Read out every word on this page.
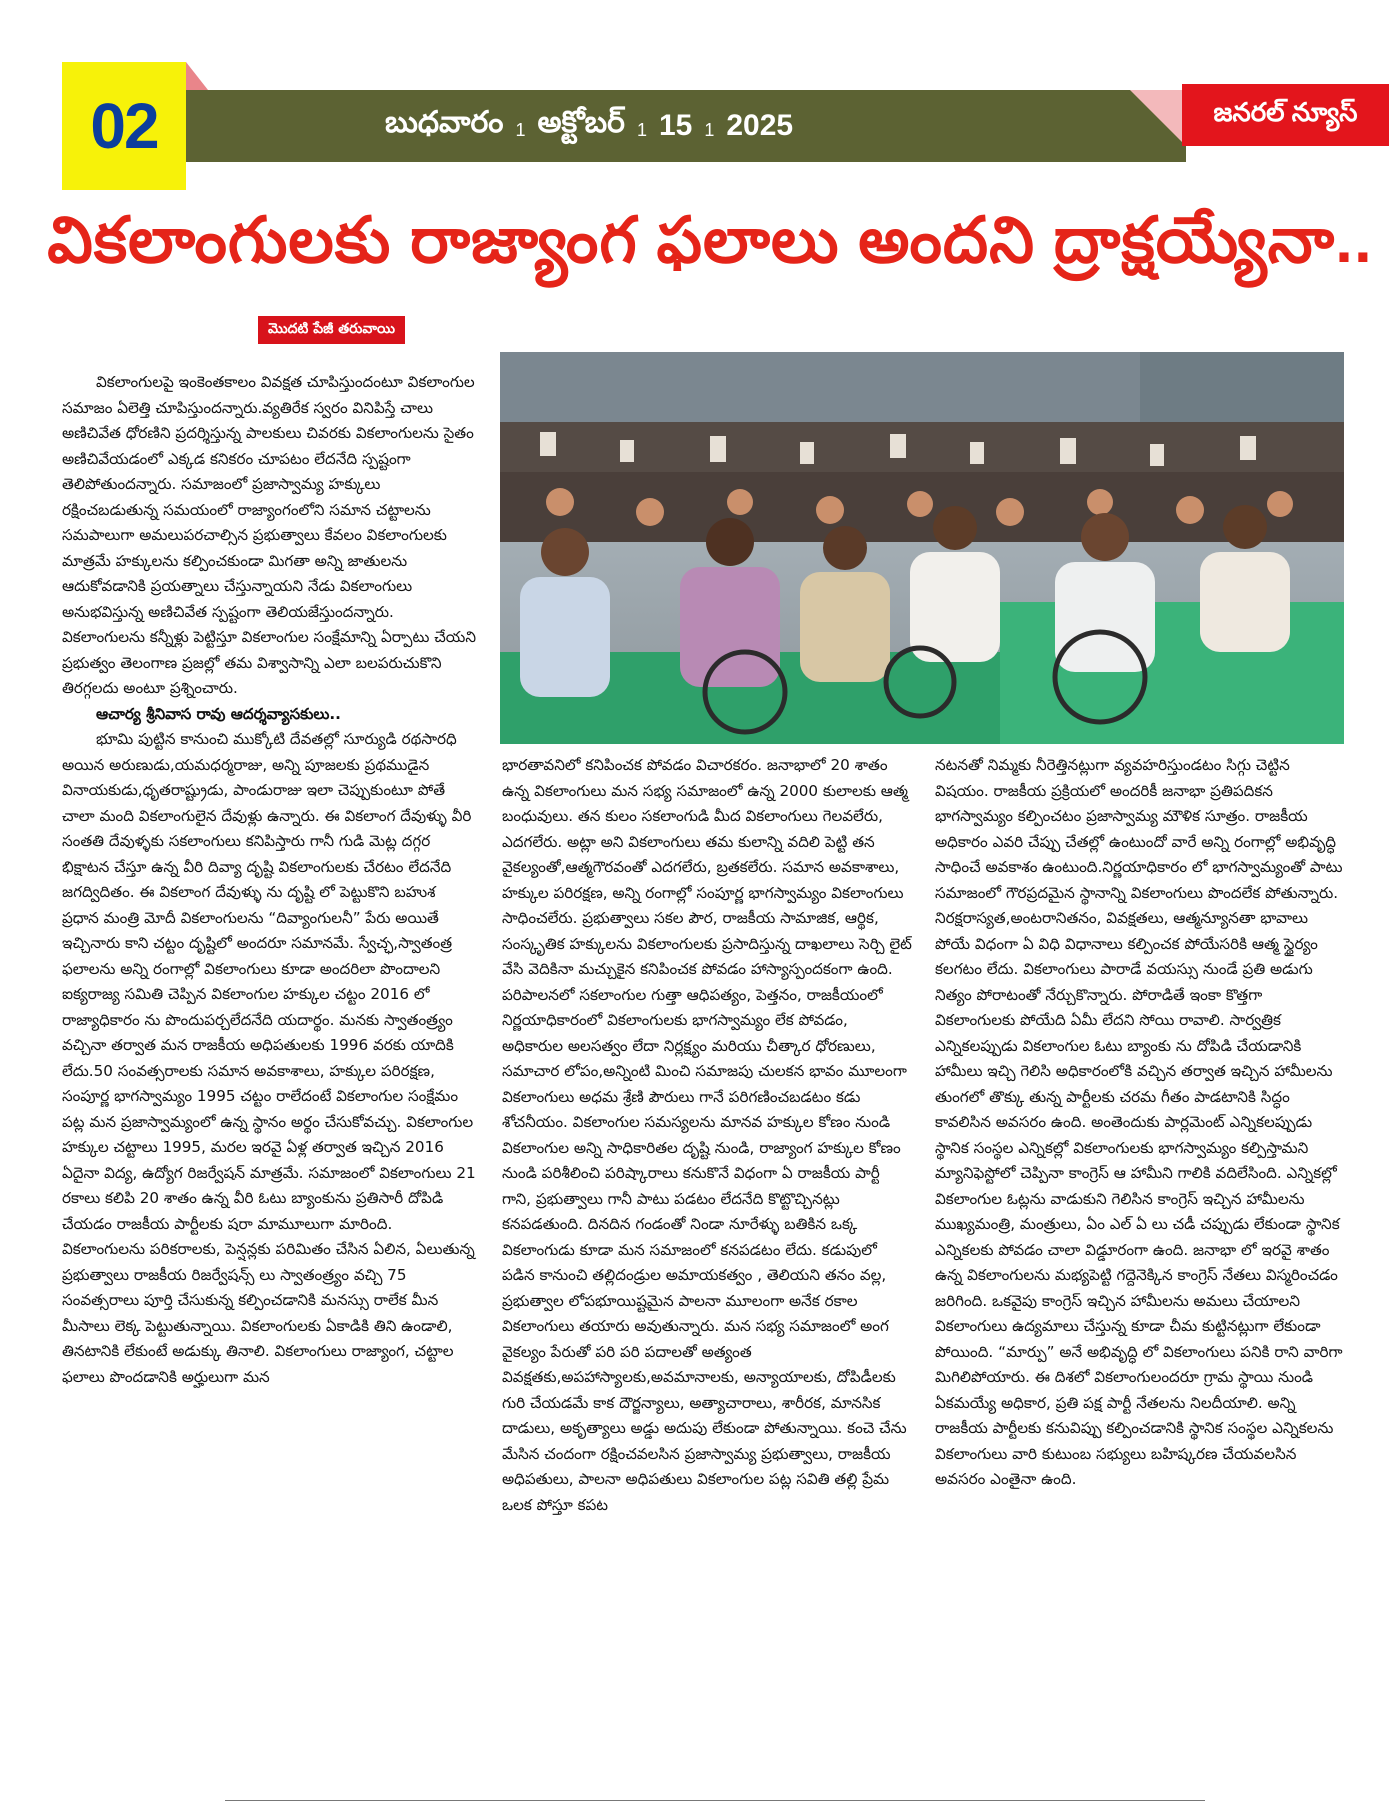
02	బుధవారం 1 అక్టోబర్ 1 15 1 2025	జనరల్ న్యూస్
వికలాంగులకు రాజ్యాంగ ఫలాలు అందని ద్రాక్షయ్యేనా..
మొదటి పేజీ తరువాయి

వికలాంగులపై ఇంకెంతకాలం వివక్షత చూపిస్తుందంటూ వికలాంగుల సమాజం ఏలెత్తి చూపిస్తుందన్నారు.వ్యతిరేక స్వరం వినిపిస్తే చాలు అణిచివేత ధోరణిని ప్రదర్శిస్తున్న పాలకులు చివరకు వికలాంగులను సైతం అణిచివేయడంలో ఎక్కడ కనికరం చూపటం లేదనేది స్పష్టంగా తెలిపోతుందన్నారు. సమాజంలో ప్రజాస్వామ్య హక్కులు రక్షించబడుతున్న సమయంలో రాజ్యాంగంలోని సమాన చట్టాలను సమపాలుగా అమలుపరచాల్సిన ప్రభుత్వాలు కేవలం వికలాంగులకు మాత్రమే హక్కులను కల్పించకుండా మిగతా అన్ని జాతులను ఆదుకోవడానికి ప్రయత్నాలు చేస్తున్నాయని నేడు వికలాంగులు అనుభవిస్తున్న అణిచివేత స్పష్టంగా తెలియజేస్తుందన్నారు. వికలాంగులను కన్నీళ్లు పెట్టిస్తూ వికలాంగుల సంక్షేమాన్ని ఏర్పాటు చేయని ప్రభుత్వం తెలంగాణ ప్రజల్లో తమ విశ్వాసాన్ని ఎలా బలపరుచుకొని తిరగ్గలదు అంటూ ప్రశ్నించారు.

ఆచార్య శ్రీనివాస రావు ఆదర్శవ్యాసకులు..

భూమి పుట్టిన కానుంచి ముక్కోటి దేవతల్లో సూర్యుడి రథసారధి అయిన అరుణుడు,యమధర్మరాజు, అన్ని పూజలకు ప్రథముడైన వినాయకుడు,ధృతరాష్ట్రుడు, పాండురాజు ఇలా చెప్పుకుంటూ పోతే చాలా మంది వికలాంగులైన దేవుళ్లు ఉన్నారు. ఈ వికలాంగ దేవుళ్ళు వీరి సంతతి దేవుళ్ళకు సకలాంగులు కనిపిస్తారు గానీ గుడి మెట్ల దగ్గర భిక్షాటన చేస్తూ ఉన్న వీరి దివ్యా దృష్టి వికలాంగులకు చేరటం లేదనేది జగద్విదితం. ఈ వికలాంగ దేవుళ్ళు ను దృష్టి లో పెట్టుకొని బహుశ ప్రధాన మంత్రి మోదీ వికలాంగులను “దివ్యాంగులనీ” పేరు అయితే ఇచ్చినారు కాని చట్టం దృష్టిలో అందరూ సమానమే. స్వేచ్ఛ,స్వాతంత్ర ఫలాలను అన్ని రంగాల్లో వికలాంగులు కూడా అందరిలా పొందాలని ఐక్యరాజ్య సమితి చెప్పిన వికలాంగుల హక్కుల చట్టం 2016 లో రాజ్యాధికారం ను పొందుపర్చలేదనేది యదార్థం. మనకు స్వాతంత్ర్యం వచ్చినా తర్వాత మన రాజకీయ అధిపతులకు 1996 వరకు యాదికి లేదు.50 సంవత్సరాలకు సమాన అవకాశాలు, హక్కుల పరిరక్షణ, సంపూర్ణ భాగస్వామ్యం 1995 చట్టం రాలేదంటే వికలాంగుల సంక్షేమం పట్ల మన ప్రజాస్వామ్యంలో ఉన్న స్థానం అర్థం చేసుకోవచ్చు. వికలాంగుల హక్కుల చట్టాలు 1995, మరల ఇరవై ఏళ్ల తర్వాత ఇచ్చిన 2016 ఏదైనా విద్య, ఉద్యోగ రిజర్వేషన్ మాత్రమే. సమాజంలో వికలాంగులు 21 రకాలు కలిపి 20 శాతం ఉన్న వీరి ఓటు బ్యాంకును ప్రతిసారీ దోపిడి చేయడం రాజకీయ పార్టీలకు షరా మామూలుగా మారింది. వికలాంగులను పరికరాలకు, పెన్షన్లకు పరిమితం చేసిన ఏలిన, ఏలుతున్న ప్రభుత్వాలు రాజకీయ రిజర్వేషన్స్ లు స్వాతంత్ర్యం వచ్చి 75 సంవత్సరాలు పూర్తి చేసుకున్న కల్పించడానికి మనస్సు రాలేక మీన మీసాలు లెక్క పెట్టుతున్నాయి. వికలాంగులకు ఏకాడికి తిని ఉండాలి, తినటానికి లేకుంటే అడుక్కు తినాలి. వికలాంగులు రాజ్యాంగ, చట్టాల ఫలాలు పొందడానికి అర్హులుగా మన

భారతావనిలో కనిపించక పోవడం విచారకరం. జనాభాలో 20 శాతం ఉన్న వికలాంగులు మన సభ్య సమాజంలో ఉన్న 2000 కులాలకు ఆత్మ బంధువులు. తన కులం సకలాంగుడి మీద వికలాంగులు గెలవలేరు, ఎదగలేరు. అట్లా అని వికలాంగులు తమ కులాన్ని వదిలి పెట్టి తన వైకల్యంతో,ఆత్మగౌరవంతో ఎదగలేరు, బ్రతకలేరు. సమాన అవకాశాలు, హక్కుల పరిరక్షణ, అన్ని రంగాల్లో సంపూర్ణ భాగస్వామ్యం వికలాంగులు సాధించలేరు. ప్రభుత్వాలు సకల పౌర, రాజకీయ సామాజిక, ఆర్థిక, సంస్కృతిక హక్కులను వికలాంగులకు ప్రసాదిస్తున్న దాఖలాలు సెర్చి లైట్ వేసి వెదికినా మచ్చుకైన కనిపించక పోవడం హాస్యాస్పందకంగా ఉంది. పరిపాలనలో సకలాంగుల గుత్తా ఆధిపత్యం, పెత్తనం, రాజకీయంలో నిర్ణయాధికారంలో వికలాంగులకు భాగస్వామ్యం లేక పోవడం, అధికారుల అలసత్వం లేదా నిర్లక్ష్యం మరియు చీత్కార ధోరణులు, సమాచార లోపం,అన్నింటి మించి సమాజపు చులకన భావం మూలంగా వికలాంగులు అధమ శ్రేణి పౌరులు గానే పరిగణించబడటం కడు శోచనీయం. వికలాంగుల సమస్యలను మానవ హక్కుల కోణం నుండి వికలాంగుల అన్ని సాధికారితల దృష్టి నుండి, రాజ్యాంగ హక్కుల కోణం నుండి పరిశీలించి పరిష్కారాలు కనుకొనే విధంగా ఏ రాజకీయ పార్టీ గాని, ప్రభుత్వాలు గానీ పాటు పడటం లేదనేది కొట్టొచ్చినట్లు కనపడతుంది. దినదిన గండంతో నిండా నూరేళ్ళు బతికిన ఒక్క వికలాంగుడు కూడా మన సమాజంలో కనపడటం లేదు. కడుపులో పడిన కానుంచి తల్లిదండ్రుల అమాయకత్వం , తెలియని తనం వల్ల, ప్రభుత్వాల లోపభూయిష్టమైన పాలనా మూలంగా అనేక రకాల వికలాంగులు తయారు అవుతున్నారు. మన సభ్య సమాజంలో అంగ వైకల్యం పేరుతో పరి పరి పదాలతో అత్యంత వివక్షతకు,అపహాస్యాలకు,అవమానాలకు, అన్యాయాలకు, దోపిడీలకు గురి చేయడమే కాక దౌర్జన్యాలు, అత్యాచారాలు, శారీరక, మానసిక దాడులు, అకృత్యాలు అడ్డు అదుపు లేకుండా పోతున్నాయి. కంచె చేను మేసిన చందంగా రక్షించవలసిన ప్రజాస్వామ్య ప్రభుత్వాలు, రాజకీయ అధిపతులు, పాలనా అధిపతులు వికలాంగుల పట్ల సవితి తల్లి ప్రేమ ఒలక పోస్తూ కపట

నటనతో నిమ్మకు నీరెత్తినట్లుగా వ్యవహరిస్తుండటం సిగ్గు చెట్టిన విషయం. రాజకీయ ప్రక్రియలో అందరికీ జనాభా ప్రతిపదికన భాగస్వామ్యం కల్పించటం ప్రజాస్వామ్య మౌళిక సూత్రం. రాజకీయ అధికారం ఎవరి చేప్పు చేతల్లో ఉంటుందో వారే అన్ని రంగాల్లో అభివృద్ధి సాధించే అవకాశం ఉంటుంది.నిర్ణయాధికారం లో భాగస్వామ్యంతో పాటు సమాజంలో గౌరప్రదమైన స్థానాన్ని వికలాంగులు పొందలేక పోతున్నారు. నిరక్షరాస్యత,అంటరానితనం, వివక్షతలు, ఆత్మన్యూనతా భావాలు పోయే విధంగా ఏ విధి విధానాలు కల్పించక పోయేసరికి ఆత్మ స్థైర్యం కలగటం లేదు. వికలాంగులు పారాడే వయస్సు నుండే ప్రతి అడుగు నిత్యం పోరాటంతో నేర్చుకొన్నారు. పోరాడితే ఇంకా కొత్తగా వికలాంగులకు పోయేది ఏమీ లేదని సోయి రావాలి. సార్వత్రిక ఎన్నికలప్పుడు వికలాంగుల ఓటు బ్యాంకు ను దోపిడి చేయడానికి హామీలు ఇచ్చి గెలిసి అధికారంలోకి వచ్చిన తర్వాత ఇచ్చిన హామీలను తుంగలో తొక్కు తున్న పార్టీలకు చరమ గీతం పాడటానికి సిద్ధం కావలిసిన అవసరం ఉంది. అంతెందుకు పార్లమెంట్ ఎన్నికలప్పుడు స్థానిక సంస్థల ఎన్నికల్లో వికలాంగులకు భాగస్వామ్యం కల్పిస్తామని మ్యానిఫెస్టోలో చెప్పినా కాంగ్రెస్ ఆ హామీని గాలికి వదిలేసింది. ఎన్నికల్లో వికలాంగుల ఓట్లను వాడుకుని గెలిసిన కాంగ్రెస్ ఇచ్చిన హామీలను ముఖ్యమంత్రి, మంత్రులు, ఏం ఎల్ ఏ లు చడీ చప్పుడు లేకుండా స్థానిక ఎన్నికలకు పోవడం చాలా విడ్డూరంగా ఉంది. జనాభా లో ఇరవై శాతం ఉన్న వికలాంగులను మభ్యపెట్టి గద్దెనెక్కిన కాంగ్రెస్ నేతలు విస్మరించడం జరిగింది. ఒకవైపు కాంగ్రెస్ ఇచ్చిన హామీలను అమలు చేయాలని వికలాంగులు ఉద్యమాలు చేస్తున్న కూడా చీమ కుట్టినట్లుగా లేకుండా పోయింది. “మార్పు” అనే అభివృద్ధి లో వికలాంగులు పనికి రాని వారిగా మిగిలిపోయారు. ఈ దిశలో వికలాంగులందరూ గ్రామ స్థాయి నుండి ఏకమయ్యే అధికార, ప్రతి పక్ష పార్టీ నేతలను నిలదీయాలి. అన్ని రాజకీయ పార్టీలకు కనువిప్పు కల్పించడానికి స్థానిక సంస్థల ఎన్నికలను వికలాంగులు వారి కుటుంబ సభ్యులు బహిష్కరణ చేయవలసిన అవసరం ఎంతైనా ఉంది.
